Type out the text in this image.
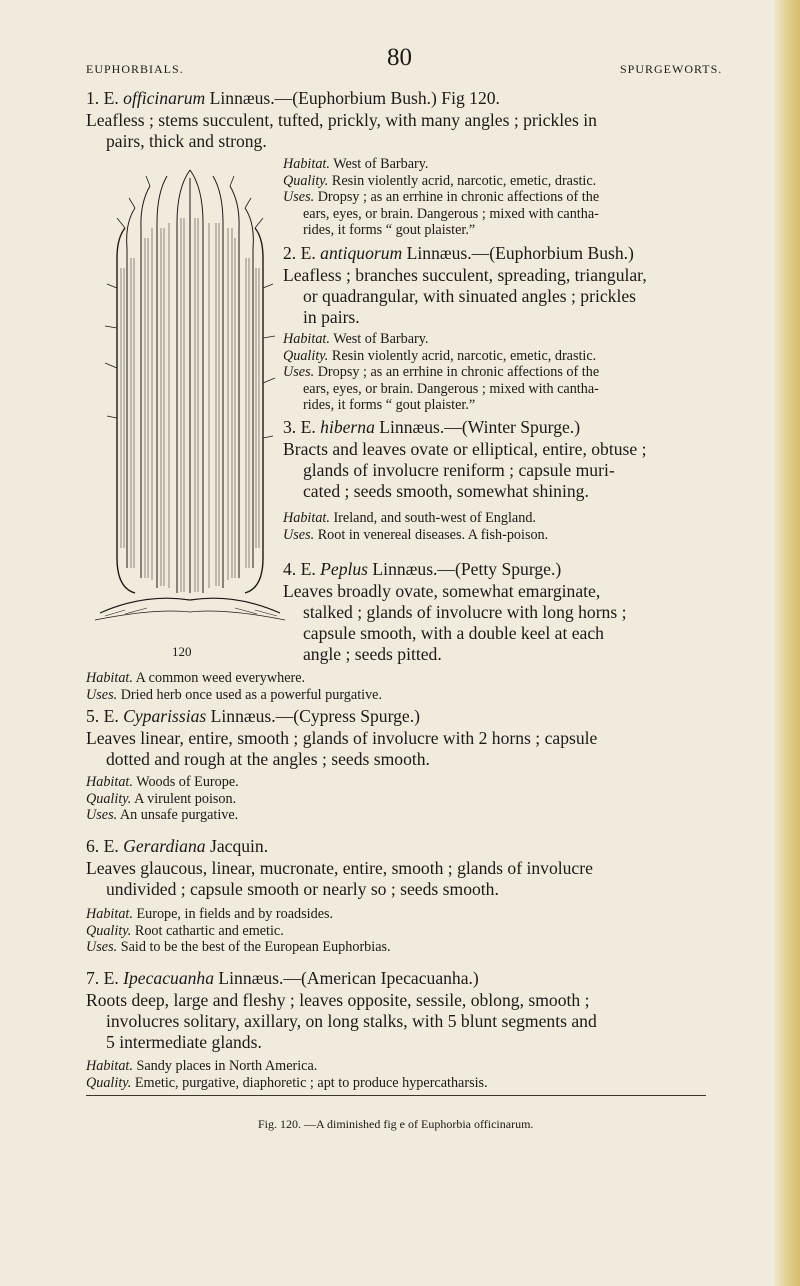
EUPHORBIALS.	80	SPURGEWORTS.
1. E. officinarum Linnæus.—(Euphorbium Bush.) Fig 120.
Leafless ; stems succulent, tufted, prickly, with many angles ; prickles in
pairs, thick and strong.
Habitat. West of Barbary.
Quality. Resin violently acrid, narcotic, emetic, drastic.
Uses. Dropsy ; as an errhine in chronic affections of the
ears, eyes, or brain. Dangerous ; mixed with cantha-
rides, it forms “ gout plaister.”
2. E. antiquorum Linnæus.—(Euphorbium Bush.)
Leafless ; branches succulent, spreading, triangular,
or quadrangular, with sinuated angles ; prickles
in pairs.
Habitat. West of Barbary.
Quality. Resin violently acrid, narcotic, emetic, drastic.
Uses. Dropsy ; as an errhine in chronic affections of the
ears, eyes, or brain. Dangerous ; mixed with cantha-
rides, it forms “ gout plaister.”
3. E. hiberna Linnæus.—(Winter Spurge.)
Bracts and leaves ovate or elliptical, entire, obtuse ;
glands of involucre reniform ; capsule muri-
cated ; seeds smooth, somewhat shining.
Habitat. Ireland, and south-west of England.
Uses. Root in venereal diseases. A fish-poison.
4. E. Peplus Linnæus.—(Petty Spurge.)
Leaves broadly ovate, somewhat emarginate,
stalked ; glands of involucre with long horns ;
capsule smooth, with a double keel at each
angle ; seeds pitted.
Habitat. A common weed everywhere.
Uses. Dried herb once used as a powerful purgative.
5. E. Cyparissias Linnæus.—(Cypress Spurge.)
Leaves linear, entire, smooth ; glands of involucre with 2 horns ; capsule
dotted and rough at the angles ; seeds smooth.
Habitat. Woods of Europe.
Quality. A virulent poison.
Uses. An unsafe purgative.
6. E. Gerardiana Jacquin.
Leaves glaucous, linear, mucronate, entire, smooth ; glands of involucre
undivided ; capsule smooth or nearly so ; seeds smooth.
Habitat. Europe, in fields and by roadsides.
Quality. Root cathartic and emetic.
Uses. Said to be the best of the European Euphorbias.
7. E. Ipecacuanha Linnæus.—(American Ipecacuanha.)
Roots deep, large and fleshy ; leaves opposite, sessile, oblong, smooth ;
involucres solitary, axillary, on long stalks, with 5 blunt segments and
5 intermediate glands.
Habitat. Sandy places in North America.
Quality. Emetic, purgative, diaphoretic ; apt to produce hypercatharsis.
Fig. 120. —A diminished fig e of Euphorbia officinarum.
120
